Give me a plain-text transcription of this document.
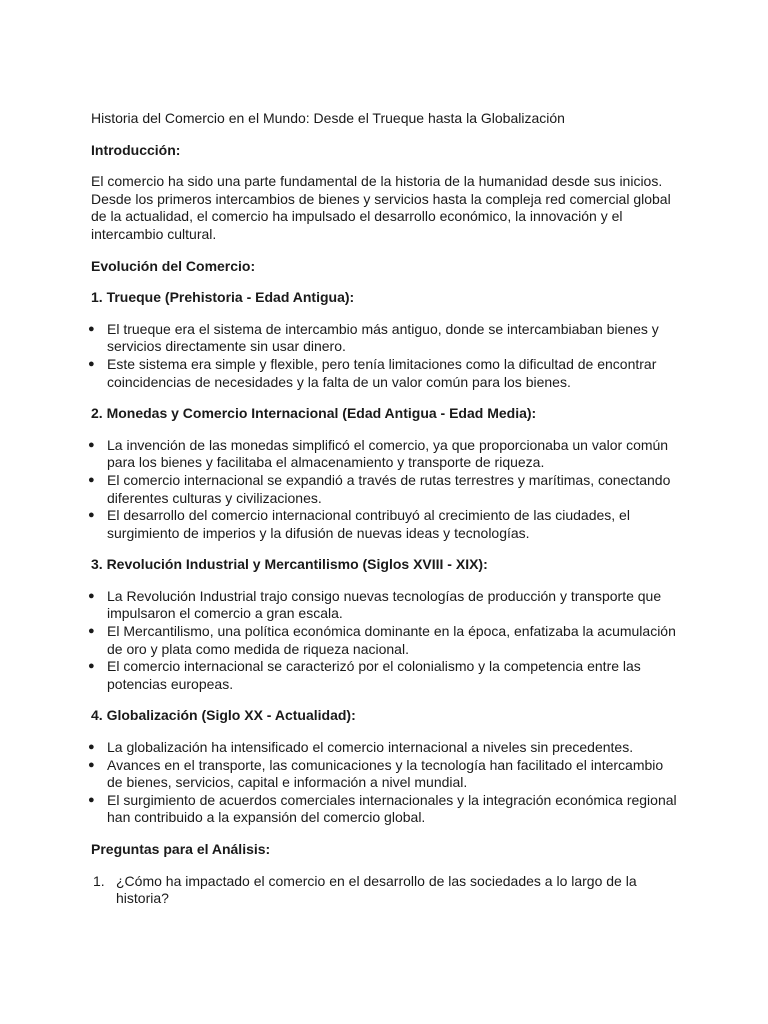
Historia del Comercio en el Mundo: Desde el Trueque hasta la Globalización
Introducción:
El comercio ha sido una parte fundamental de la historia de la humanidad desde sus inicios. Desde los primeros intercambios de bienes y servicios hasta la compleja red comercial global de la actualidad, el comercio ha impulsado el desarrollo económico, la innovación y el intercambio cultural.
Evolución del Comercio:
1. Trueque (Prehistoria - Edad Antigua):
● El trueque era el sistema de intercambio más antiguo, donde se intercambiaban bienes y servicios directamente sin usar dinero.
● Este sistema era simple y flexible, pero tenía limitaciones como la dificultad de encontrar coincidencias de necesidades y la falta de un valor común para los bienes.
2. Monedas y Comercio Internacional (Edad Antigua - Edad Media):
● La invención de las monedas simplificó el comercio, ya que proporcionaba un valor común para los bienes y facilitaba el almacenamiento y transporte de riqueza.
● El comercio internacional se expandió a través de rutas terrestres y marítimas, conectando diferentes culturas y civilizaciones.
● El desarrollo del comercio internacional contribuyó al crecimiento de las ciudades, el surgimiento de imperios y la difusión de nuevas ideas y tecnologías.
3. Revolución Industrial y Mercantilismo (Siglos XVIII - XIX):
● La Revolución Industrial trajo consigo nuevas tecnologías de producción y transporte que impulsaron el comercio a gran escala.
● El Mercantilismo, una política económica dominante en la época, enfatizaba la acumulación de oro y plata como medida de riqueza nacional.
● El comercio internacional se caracterizó por el colonialismo y la competencia entre las potencias europeas.
4. Globalización (Siglo XX - Actualidad):
● La globalización ha intensificado el comercio internacional a niveles sin precedentes.
● Avances en el transporte, las comunicaciones y la tecnología han facilitado el intercambio de bienes, servicios, capital e información a nivel mundial.
● El surgimiento de acuerdos comerciales internacionales y la integración económica regional han contribuido a la expansión del comercio global.
Preguntas para el Análisis:
1. ¿Cómo ha impactado el comercio en el desarrollo de las sociedades a lo largo de la historia?
